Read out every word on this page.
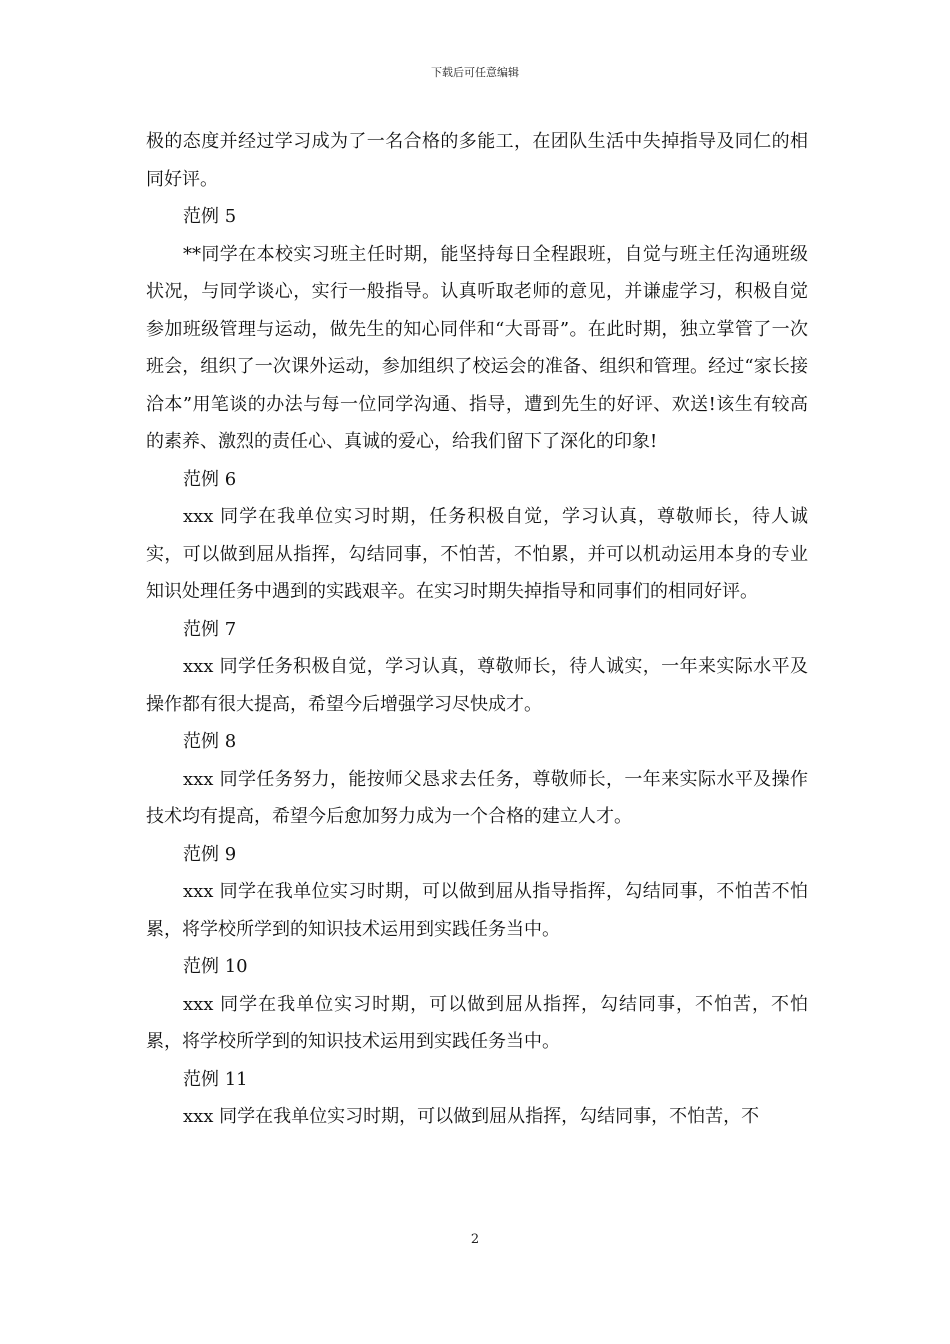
下载后可任意编辑

极的态度并经过学习成为了一名合格的多能工，在团队生活中失掉指导及同仁的相同好评。

范例 5

**同学在本校实习班主任时期，能坚持每日全程跟班，自觉与班主任沟通班级状况，与同学谈心，实行一般指导。认真听取老师的意见，并谦虚学习，积极自觉参加班级管理与运动，做先生的知心同伴和“大哥哥”。在此时期，独立掌管了一次班会，组织了一次课外运动，参加组织了校运会的准备、组织和管理。经过“家长接洽本”用笔谈的办法与每一位同学沟通、指导，遭到先生的好评、欢送!该生有较高的素养、激烈的责任心、真诚的爱心，给我们留下了深化的印象!

范例 6

xxx 同学在我单位实习时期，任务积极自觉，学习认真，尊敬师长，待人诚实，可以做到屈从指挥，勾结同事，不怕苦，不怕累，并可以机动运用本身的专业知识处理任务中遇到的实践艰辛。在实习时期失掉指导和同事们的相同好评。

范例 7

xxx 同学任务积极自觉，学习认真，尊敬师长，待人诚实，一年来实际水平及操作都有很大提高，希望今后增强学习尽快成才。

范例 8

xxx 同学任务努力，能按师父恳求去任务，尊敬师长，一年来实际水平及操作技术均有提高，希望今后愈加努力成为一个合格的建立人才。

范例 9

xxx 同学在我单位实习时期，可以做到屈从指导指挥，勾结同事，不怕苦不怕累，将学校所学到的知识技术运用到实践任务当中。

范例 10

xxx 同学在我单位实习时期，可以做到屈从指挥，勾结同事，不怕苦，不怕累，将学校所学到的知识技术运用到实践任务当中。

范例 11

xxx 同学在我单位实习时期，可以做到屈从指挥，勾结同事，不怕苦，不

2
